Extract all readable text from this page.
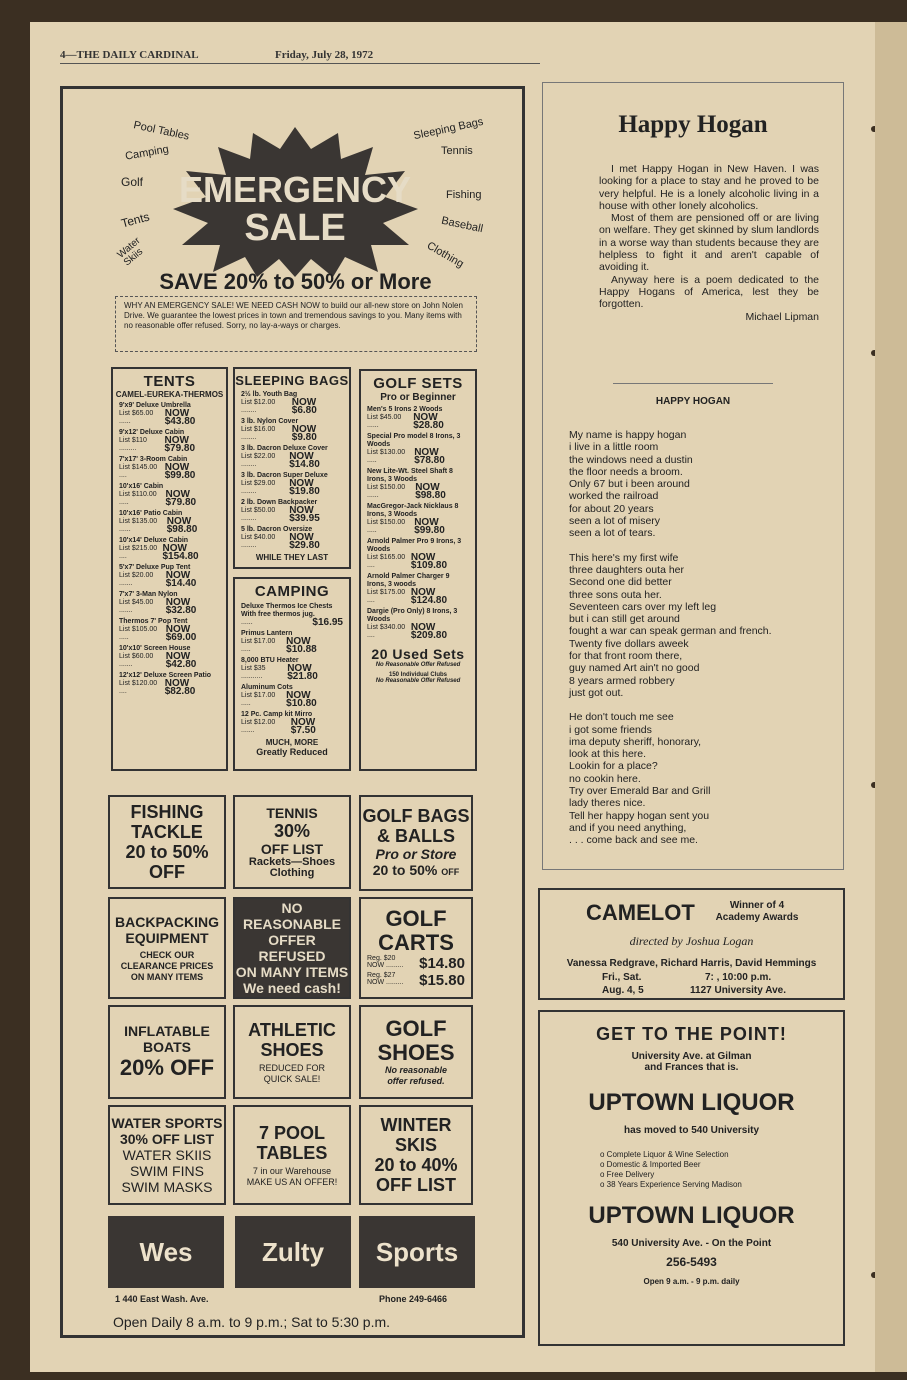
4—THE DAILY CARDINAL	Friday, July 28, 1972
EMERGENCY
SALE
Pool Tables
Camping
Golf
Tents
Water Skiis
Sleeping Bags
Tennis
Fishing
Baseball
Clothing
SAVE 20% to 50% or More
WHY AN EMERGENCY SALE! WE NEED CASH NOW to build our all-new store on John Nolen Drive. We guarantee the lowest prices in town and tremendous savings to you. Many items with no reasonable offer refused. Sorry, no lay-a-ways or charges.
TENTS
CAMEL-EUREKA-THERMOS
9'x9' Deluxe Umbrella
List $65.00 ......
NOW $43.80
9'x12' Deluxe Cabin
List $110 .........
NOW $79.80
7'x17' 3-Room Cabin
List $145.00 ....
NOW $99.80
10'x16' Cabin
List $110.00 .....
NOW $79.80
10'x16' Patio Cabin
List $135.00 ......
NOW $98.80
10'x14' Deluxe Cabin
List $215.00 ....
NOW $154.80
5'x7' Deluxe Pup Tent
List $20.00 .......
NOW $14.40
7'x7' 3-Man Nylon
List $45.00 .......
NOW $32.80
Thermos 7' Pop Tent
List $105.00 .....
NOW $69.00
10'x10' Screen House
List $60.00 .......
NOW $42.80
12'x12' Deluxe Screen Patio
List $120.00 ....
NOW $82.80
SLEEPING BAGS
2½ lb. Youth Bag
List $12.00 ........
NOW $6.80
3 lb. Nylon Cover
List $16.00 ........
NOW $9.80
3 lb. Dacron Deluxe Cover
List $22.00 ........
NOW $14.80
3 lb. Dacron Super Deluxe
List $29.00 ........
NOW $19.80
2 lb. Down Backpacker
List $50.00 ........
NOW $39.95
5 lb. Dacron Oversize
List $40.00 ........
NOW $29.80
WHILE THEY LAST
CAMPING
Deluxe Thermos Ice Chests With free thermos jug.
......	$16.95
Primus Lantern
List $17.00 .....
NOW $10.88
8,000 BTU Heater
List $35 ...........
NOW $21.80
Aluminum Cots
List $17.00 .....
NOW $10.80
12 Pc. Camp kit Mirro
List $12.00 .......
NOW $7.50
MUCH, MORE
Greatly Reduced
GOLF SETS
Pro or Beginner
Men's 5 Irons 2 Woods
List $45.00 ......
NOW $28.80
Special Pro model 8 Irons, 3 Woods
List $130.00 .....
NOW $78.80
New Lite-Wt. Steel Shaft 8 Irons, 3 Woods
List $150.00 ......
NOW $98.80
MacGregor-Jack Nicklaus 8 Irons, 3 Woods
List $150.00 .....
NOW $99.80
Arnold Palmer Pro 9 Irons, 3 Woods
List $165.00 ....
NOW $109.80
Arnold Palmer Charger 9 Irons, 3 woods
List $175.00 ....
NOW $124.80
Dargie (Pro Only) 8 Irons, 3 Woods
List $340.00 ....
NOW $209.80
20 Used Sets
No Reasonable Offer Refused
150 Individual Clubs
No Reasonable Offer Refused
FISHING
TACKLE
20 to 50%
OFF
TENNIS
30%
OFF LIST
Rackets—Shoes
Clothing
GOLF BAGS
& BALLS
Pro or Store
20 to 50% OFF
BACKPACKING
EQUIPMENT
CHECK OUR
CLEARANCE PRICES
ON MANY ITEMS
NO REASONABLE
OFFER REFUSED
ON MANY ITEMS
We need cash!
GOLF
CARTS
Reg. $20
NOW ......... $14.80
Reg. $27
NOW ......... $15.80
INFLATABLE
BOATS
20% OFF
ATHLETIC
SHOES
REDUCED FOR
QUICK SALE!
GOLF
SHOES
No reasonable
offer refused.
WATER SPORTS
30% OFF LIST
WATER SKIIS
SWIM FINS
SWIM MASKS
7 POOL
TABLES
7 in our Warehouse
MAKE US AN OFFER!
WINTER
SKIS
20 to 40%
OFF LIST
Wes	Zulty	Sports
1 440 East Wash. Ave.	Phone 249-6466
Open Daily 8 a.m. to 9 p.m.; Sat to 5:30 p.m.
Happy Hogan
I met Happy Hogan in New Haven. I was looking for a place to stay and he proved to be very helpful. He is a lonely alcoholic living in a house with other lonely alcoholics.
Most of them are pensioned off or are living on welfare. They get skinned by slum landlords in a worse way than students because they are helpless to fight it and aren't capable of avoiding it.
Anyway here is a poem dedicated to the Happy Hogans of America, lest they be forgotten.
Michael Lipman
HAPPY HOGAN
My name is happy hogan
i live in a little room
the windows need a dustin
the floor needs a broom.
Only 67 but i been around
worked the railroad
for about 20 years
seen a lot of misery
seen a lot of tears.
This here's my first wife
three daughters outa her
Second one did better
three sons outa her.
Seventeen cars over my left leg
but i can still get around
fought a war can speak german and french.
Twenty five dollars aweek
for that front room there,
guy named Art ain't no good
8 years armed robbery
just got out.
He don't touch me see
i got some friends
ima deputy sheriff, honorary,
look at this here.
Lookin for a place?
no cookin here.
Try over Emerald Bar and Grill
lady theres nice.
Tell her happy hogan sent you
and if you need anything,
. . . come back and see me.
CAMELOT	Winner of 4 Academy Awards
directed by Joshua Logan
Vanessa Redgrave, Richard Harris, David Hemmings
Fri., Sat.	7: , 10:00 p.m.
Aug. 4, 5	1127 University Ave.
GET TO THE POINT!
University Ave. at Gilman
and Frances that is.
UPTOWN LIQUOR
has moved to 540 University
o Complete Liquor & Wine Selection
o Domestic & Imported Beer
o Free Delivery
o 38 Years Experience Serving Madison
UPTOWN LIQUOR
540 University Ave. - On the Point
256-5493
Open 9 a.m. - 9 p.m. daily
